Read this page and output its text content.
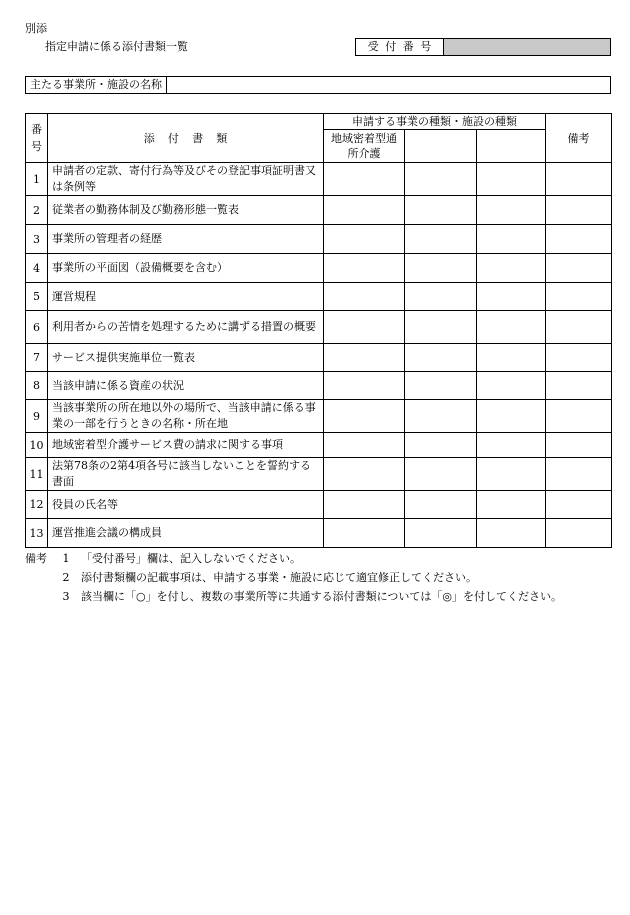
別添
指定申請に係る添付書類一覧	受付番号
主たる事業所・施設の名称
番号	添付書類	申請する事業の種類・施設の種類			備考

		地域密着型通所介護			

1	申請者の定款、寄付行為等及びその登記事項証明書又は条例等				
2	従業者の勤務体制及び勤務形態一覧表				
3	事業所の管理者の経歴				
4	事業所の平面図（設備概要を含む）				
5	運営規程				
6	利用者からの苦情を処理するために講ずる措置の概要				
7	サービス提供実施単位一覧表				
8	当該申請に係る資産の状況				
9	当該事業所の所在地以外の場所で、当該申請に係る事業の一部を行うときの名称・所在地				
10	地域密着型介護サービス費の請求に関する事項				
11	法第78条の2第4項各号に該当しないことを誓約する書面				
12	役員の氏名等				
13	運営推進会議の構成員				
備考	1	「受付番号」欄は、記入しないでください。
2	添付書類欄の記載事項は、申請する事業・施設に応じて適宜修正してください。
3	該当欄に「○」を付し、複数の事業所等に共通する添付書類については「◎」を付してください。
